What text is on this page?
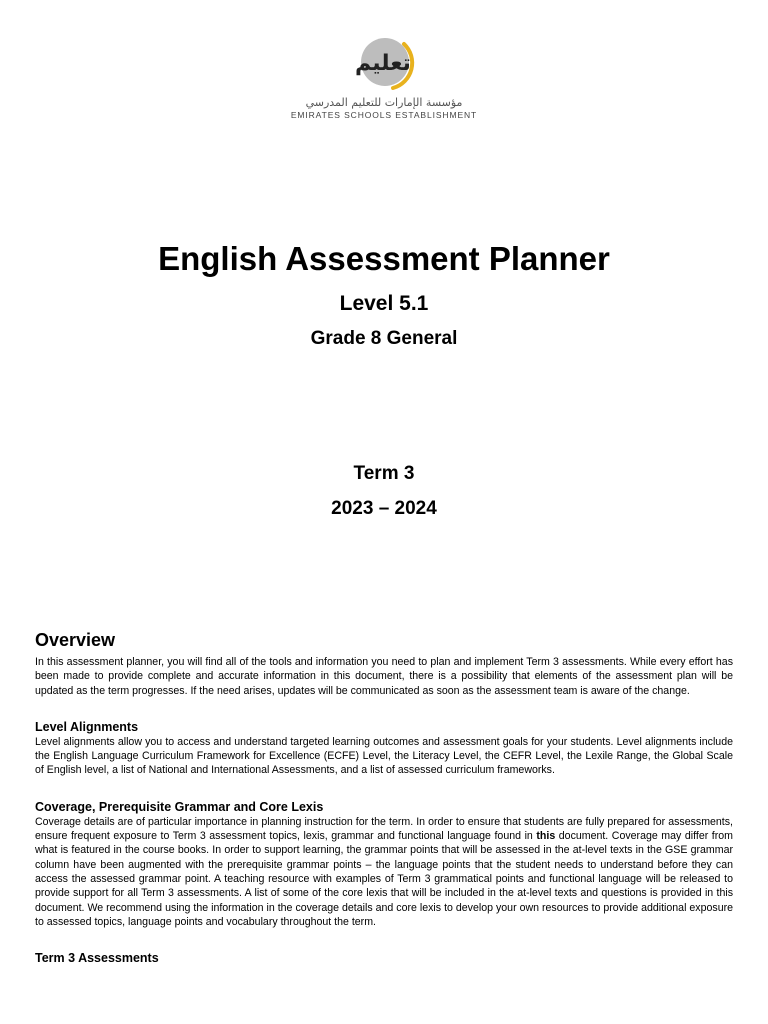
تعليم
مؤسسة الإمارات للتعليم المدرسي
EMIRATES SCHOOLS ESTABLISHMENT
English Assessment Planner
Level 5.1
Grade 8 General
Term 3
2023 – 2024
Overview

In this assessment planner, you will find all of the tools and information you need to plan and implement Term 3 assessments. While every effort has been made to provide complete and accurate information in this document, there is a possibility that elements of the assessment plan will be updated as the term progresses. If the need arises, updates will be communicated as soon as the assessment team is aware of the change.

Level Alignments

Level alignments allow you to access and understand targeted learning outcomes and assessment goals for your students. Level alignments include the English Language Curriculum Framework for Excellence (ECFE) Level, the Literacy Level, the CEFR Level, the Lexile Range, the Global Scale of English level, a list of National and International Assessments, and a list of assessed curriculum frameworks.

Coverage, Prerequisite Grammar and Core Lexis

Coverage details are of particular importance in planning instruction for the term. In order to ensure that students are fully prepared for assessments, ensure frequent exposure to Term 3 assessment topics, lexis, grammar and functional language found in this document. Coverage may differ from what is featured in the course books. In order to support learning, the grammar points that will be assessed in the at-level texts in the GSE grammar column have been augmented with the prerequisite grammar points – the language points that the student needs to understand before they can access the assessed grammar point. A teaching resource with examples of Term 3 grammatical points and functional language will be released to provide support for all Term 3 assessments. A list of some of the core lexis that will be included in the at-level texts and questions is provided in this document. We recommend using the information in the coverage details and core lexis to develop your own resources to provide additional exposure to assessed topics, language points and vocabulary throughout the term.

Term 3 Assessments
